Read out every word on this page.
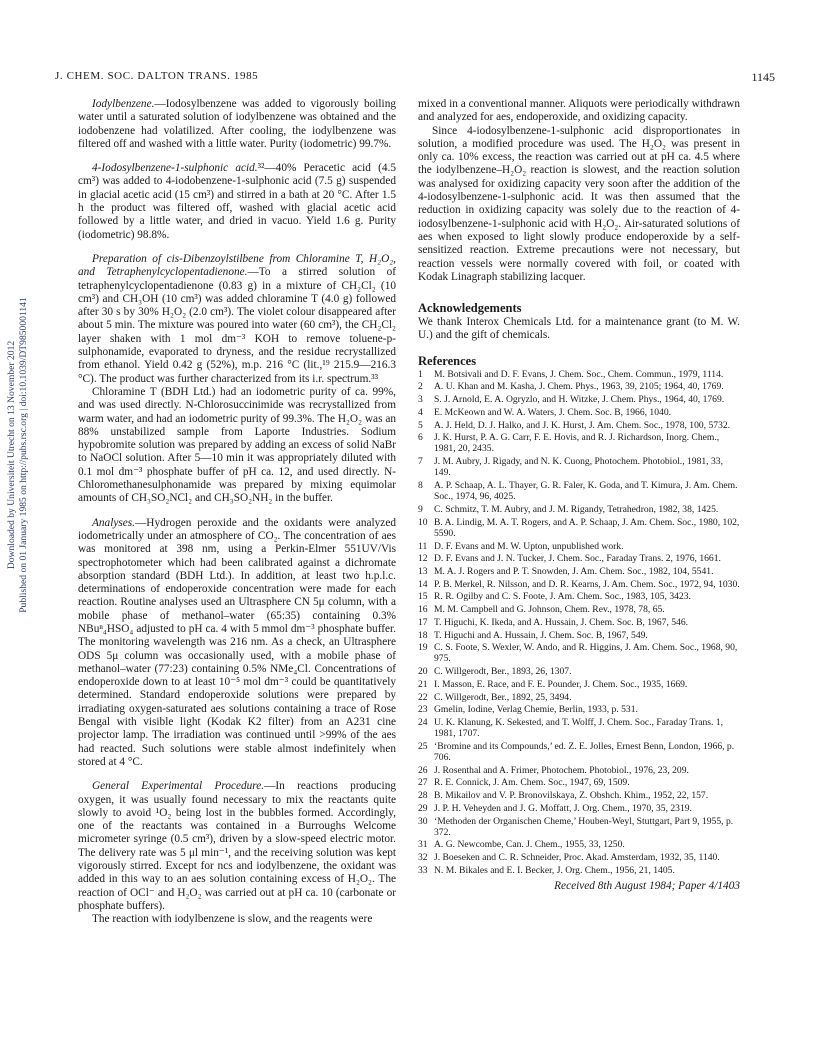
Downloaded by Universiteit Utrecht on 13 November 2012 Published on 01 January 1985 on http://pubs.rsc.org | doi:10.1039/DT9850001141
J. CHEM. SOC. DALTON TRANS. 1985	1145

Iodylbenzene.—Iodosylbenzene was added to vigorously boiling water until a saturated solution of iodylbenzene was obtained and the iodobenzene had volatilized. After cooling, the iodylbenzene was filtered off and washed with a little water. Purity (iodometric) 99.7%.

4-Iodosylbenzene-1-sulphonic acid.³²—40% Peracetic acid (4.5 cm³) was added to 4-iodobenzene-1-sulphonic acid (7.5 g) suspended in glacial acetic acid (15 cm³) and stirred in a bath at 20 °C. After 1.5 h the product was filtered off, washed with glacial acetic acid followed by a little water, and dried in vacuo. Yield 1.6 g. Purity (iodometric) 98.8%.

Preparation of cis-Dibenzoylstilbene from Chloramine T, H₂O₂, and Tetraphenylcyclopentadienone.—To a stirred solution of tetraphenylcyclopentadienone (0.83 g) in a mixture of CH₂Cl₂ (10 cm³) and CH₃OH (10 cm³) was added chloramine T (4.0 g) followed after 30 s by 30% H₂O₂ (2.0 cm³). The violet colour disappeared after about 5 min. The mixture was poured into water (60 cm³), the CH₂Cl₂ layer shaken with 1 mol dm⁻³ KOH to remove toluene-p-sulphonamide, evaporated to dryness, and the residue recrystallized from ethanol. Yield 0.42 g (52%), m.p. 216 °C (lit.,¹⁹ 215.9—216.3 °C). The product was further characterized from its i.r. spectrum.³³

Chloramine T (BDH Ltd.) had an iodometric purity of ca. 99%, and was used directly. N-Chlorosuccinimide was recrystallized from warm water, and had an iodometric purity of 99.3%. The H₂O₂ was an 88% unstabilized sample from Laporte Industries. Sodium hypobromite solution was prepared by adding an excess of solid NaBr to NaOCl solution. After 5—10 min it was appropriately diluted with 0.1 mol dm⁻³ phosphate buffer of pH ca. 12, and used directly. N-Chloromethanesulphonamide was prepared by mixing equimolar amounts of CH₃SO₂NCl₂ and CH₃SO₂NH₂ in the buffer.

Analyses.—Hydrogen peroxide and the oxidants were analyzed iodometrically under an atmosphere of CO₂. The concentration of aes was monitored at 398 nm, using a Perkin-Elmer 551UV/Vis spectrophotometer which had been calibrated against a dichromate absorption standard (BDH Ltd.). In addition, at least two h.p.l.c. determinations of endoperoxide concentration were made for each reaction. Routine analyses used an Ultrasphere CN 5μ column, with a mobile phase of methanol–water (65:35) containing 0.3% NBuⁿ₄HSO₄ adjusted to pH ca. 4 with 5 mmol dm⁻³ phosphate buffer. The monitoring wavelength was 216 nm. As a check, an Ultrasphere ODS 5μ column was occasionally used, with a mobile phase of methanol–water (77:23) containing 0.5% NMe₄Cl. Concentrations of endoperoxide down to at least 10⁻⁵ mol dm⁻³ could be quantitatively determined. Standard endoperoxide solutions were prepared by irradiating oxygen-saturated aes solutions containing a trace of Rose Bengal with visible light (Kodak K2 filter) from an A231 cine projector lamp. The irradiation was continued until >99% of the aes had reacted. Such solutions were stable almost indefinitely when stored at 4 °C.

General Experimental Procedure.—In reactions producing oxygen, it was usually found necessary to mix the reactants quite slowly to avoid ¹O₂ being lost in the bubbles formed. Accordingly, one of the reactants was contained in a Burroughs Welcome micrometer syringe (0.5 cm³), driven by a slow-speed electric motor. The delivery rate was 5 μl min⁻¹, and the receiving solution was kept vigorously stirred. Except for ncs and iodylbenzene, the oxidant was added in this way to an aes solution containing excess of H₂O₂. The reaction of OCl⁻ and H₂O₂ was carried out at pH ca. 10 (carbonate or phosphate buffers).

The reaction with iodylbenzene is slow, and the reagents were

mixed in a conventional manner. Aliquots were periodically withdrawn and analyzed for aes, endoperoxide, and oxidizing capacity.

Since 4-iodosylbenzene-1-sulphonic acid disproportionates in solution, a modified procedure was used. The H₂O₂ was present in only ca. 10% excess, the reaction was carried out at pH ca. 4.5 where the iodylbenzene–H₂O₂ reaction is slowest, and the reaction solution was analysed for oxidizing capacity very soon after the addition of the 4-iodosylbenzene-1-sulphonic acid. It was then assumed that the reduction in oxidizing capacity was solely due to the reaction of 4-iodosylbenzene-1-sulphonic acid with H₂O₂. Air-saturated solutions of aes when exposed to light slowly produce endoperoxide by a self-sensitized reaction. Extreme precautions were not necessary, but reaction vessels were normally covered with foil, or coated with Kodak Linagraph stabilizing lacquer.

Acknowledgements

We thank Interox Chemicals Ltd. for a maintenance grant (to M. W. U.) and the gift of chemicals.

References
1 M. Botsivali and D. F. Evans, J. Chem. Soc., Chem. Commun., 1979, 1114.
2 A. U. Khan and M. Kasha, J. Chem. Phys., 1963, 39, 2105; 1964, 40, 1769.
3 S. J. Arnold, E. A. Ogryzlo, and H. Witzke, J. Chem. Phys., 1964, 40, 1769.
4 E. McKeown and W. A. Waters, J. Chem. Soc. B, 1966, 1040.
5 A. J. Held, D. J. Halko, and J. K. Hurst, J. Am. Chem. Soc., 1978, 100, 5732.
6 J. K. Hurst, P. A. G. Carr, F. E. Hovis, and R. J. Richardson, Inorg. Chem., 1981, 20, 2435.
7 J. M. Aubry, J. Rigady, and N. K. Cuong, Photochem. Photobiol., 1981, 33, 149.
8 A. P. Schaap, A. L. Thayer, G. R. Faler, K. Goda, and T. Kimura, J. Am. Chem. Soc., 1974, 96, 4025.
9 C. Schmitz, T. M. Aubry, and J. M. Rigandy, Tetrahedron, 1982, 38, 1425.
10 B. A. Lindig, M. A. T. Rogers, and A. P. Schaap, J. Am. Chem. Soc., 1980, 102, 5590.
11 D. F. Evans and M. W. Upton, unpublished work.
12 D. F. Evans and J. N. Tucker, J. Chem. Soc., Faraday Trans. 2, 1976, 1661.
13 M. A. J. Rogers and P. T. Snowden, J. Am. Chem. Soc., 1982, 104, 5541.
14 P. B. Merkel, R. Nilsson, and D. R. Kearns, J. Am. Chem. Soc., 1972, 94, 1030.
15 R. R. Ogilby and C. S. Foote, J. Am. Chem. Soc., 1983, 105, 3423.
16 M. M. Campbell and G. Johnson, Chem. Rev., 1978, 78, 65.
17 T. Higuchi, K. Ikeda, and A. Hussain, J. Chem. Soc. B, 1967, 546.
18 T. Higuchi and A. Hussain, J. Chem. Soc. B, 1967, 549.
19 C. S. Foote, S. Wexler, W. Ando, and R. Higgins, J. Am. Chem. Soc., 1968, 90, 975.
20 C. Willgerodt, Ber., 1893, 26, 1307.
21 I. Masson, E. Race, and F. E. Pounder, J. Chem. Soc., 1935, 1669.
22 C. Willgerodt, Ber., 1892, 25, 3494.
23 Gmelin, Iodine, Verlag Chemie, Berlin, 1933, p. 531.
24 U. K. Klanung, K. Sekested, and T. Wolff, J. Chem. Soc., Faraday Trans. 1, 1981, 1707.
25 ‘Bromine and its Compounds,’ ed. Z. E. Jolles, Ernest Benn, London, 1966, p. 706.
26 J. Rosenthal and A. Frimer, Photochem. Photobiol., 1976, 23, 209.
27 R. E. Connick, J. Am. Chem. Soc., 1947, 69, 1509.
28 B. Mikailov and V. P. Bronovilskaya, Z. Obshch. Khim., 1952, 22, 157.
29 J. P. H. Veheyden and J. G. Moffatt, J. Org. Chem., 1970, 35, 2319.
30 ‘Methoden der Organischen Cheme,’ Houben-Weyl, Stuttgart, Part 9, 1955, p. 372.
31 A. G. Newcombe, Can. J. Chem., 1955, 33, 1250.
32 J. Boeseken and C. R. Schneider, Proc. Akad. Amsterdam, 1932, 35, 1140.
33 N. M. Bikales and E. I. Becker, J. Org. Chem., 1956, 21, 1405.
Received 8th August 1984; Paper 4/1403
